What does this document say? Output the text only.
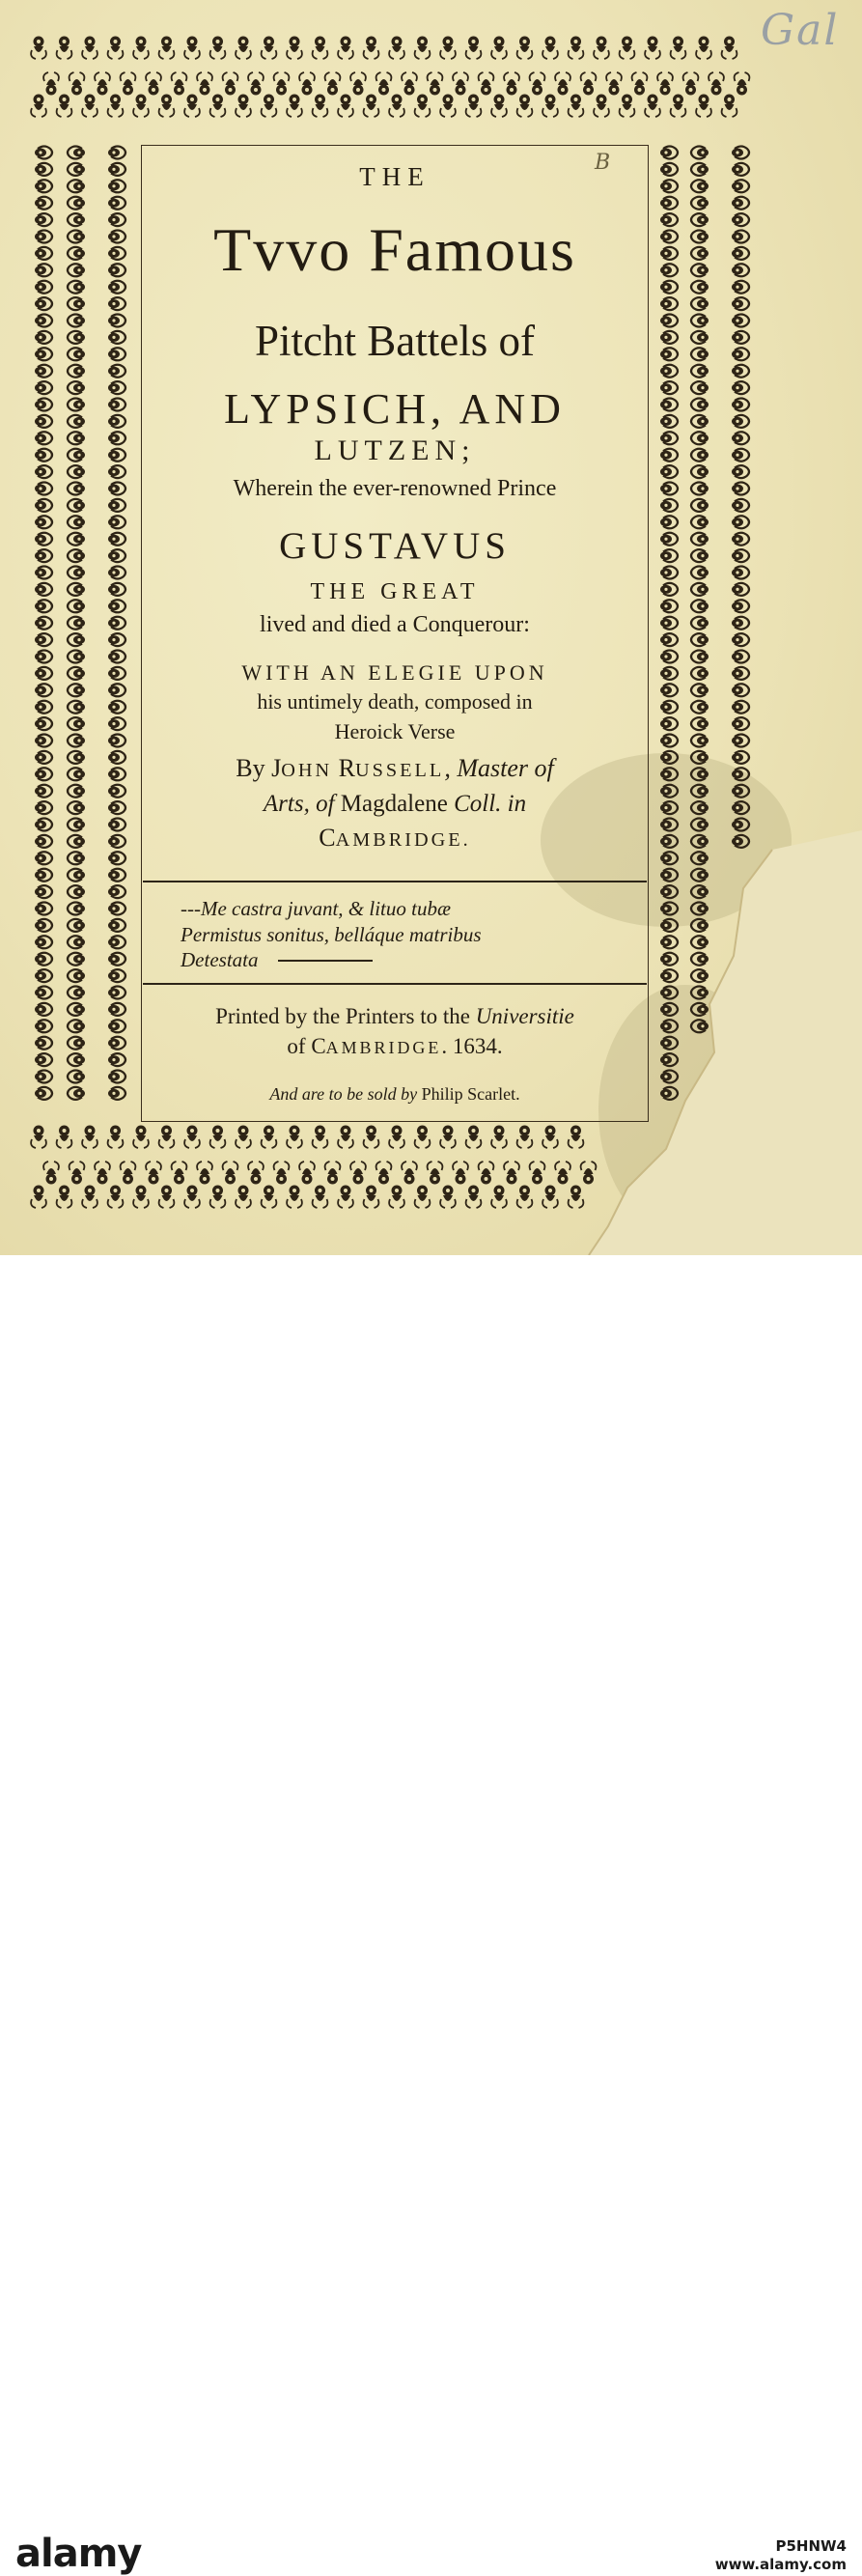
Gal
B
THE
Tvvo Famous
Pitcht Battels of
LYPSICH, AND
LUTZEN;
Wherein the ever-renowned Prince
GUSTAVUS
THE GREAT
lived and died a Conquerour:
WITH AN ELEGIE UPON
his untimely death, composed in
Heroick Verse
By JOHN RUSSELL, Master of
Arts, of Magdalene Coll. in
CAMBRIDGE.
---Me castra juvant, & lituo tubæ
Permistus sonitus, belláque matribus
Detestata
Printed by the Printers to the Universitie
of CAMBRIDGE. 1634.
And are to be sold by Philip Scarlet.
alamy	P5HNW4
www.alamy.com
